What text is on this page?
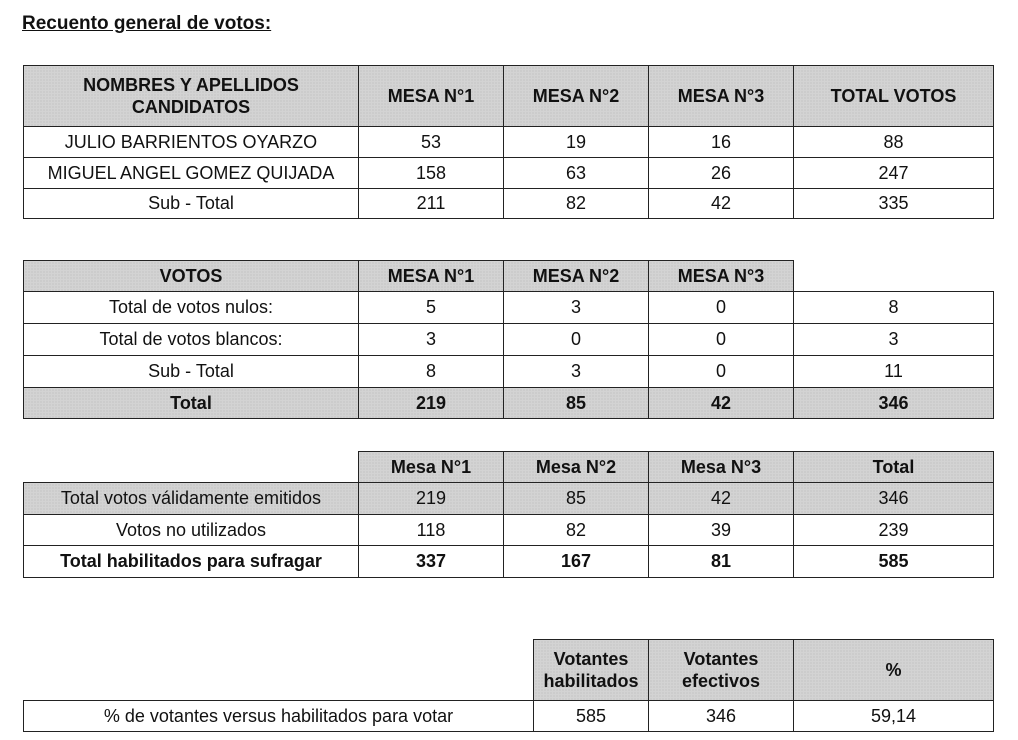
Recuento general de votos:
NOMBRES Y APELLIDOS CANDIDATOS	MESA N°1	MESA N°2	MESA N°3	TOTAL VOTOS
JULIO BARRIENTOS OYARZO	53	19	16	88
MIGUEL ANGEL GOMEZ QUIJADA	158	63	26	247
Sub - Total	211	82	42	335
VOTOS	MESA N°1	MESA N°2	MESA N°3	
Total de votos nulos:	5	3	0	8
Total de votos blancos:	3	0	0	3
Sub - Total	8	3	0	11
Total	219	85	42	346
	Mesa N°1	Mesa N°2	Mesa N°3	Total
Total votos válidamente emitidos	219	85	42	346
Votos no utilizados	118	82	39	239
Total habilitados para sufragar	337	167	81	585
	Votantes habilitados	Votantes efectivos	%
% de votantes versus habilitados para votar	585	346	59,14
